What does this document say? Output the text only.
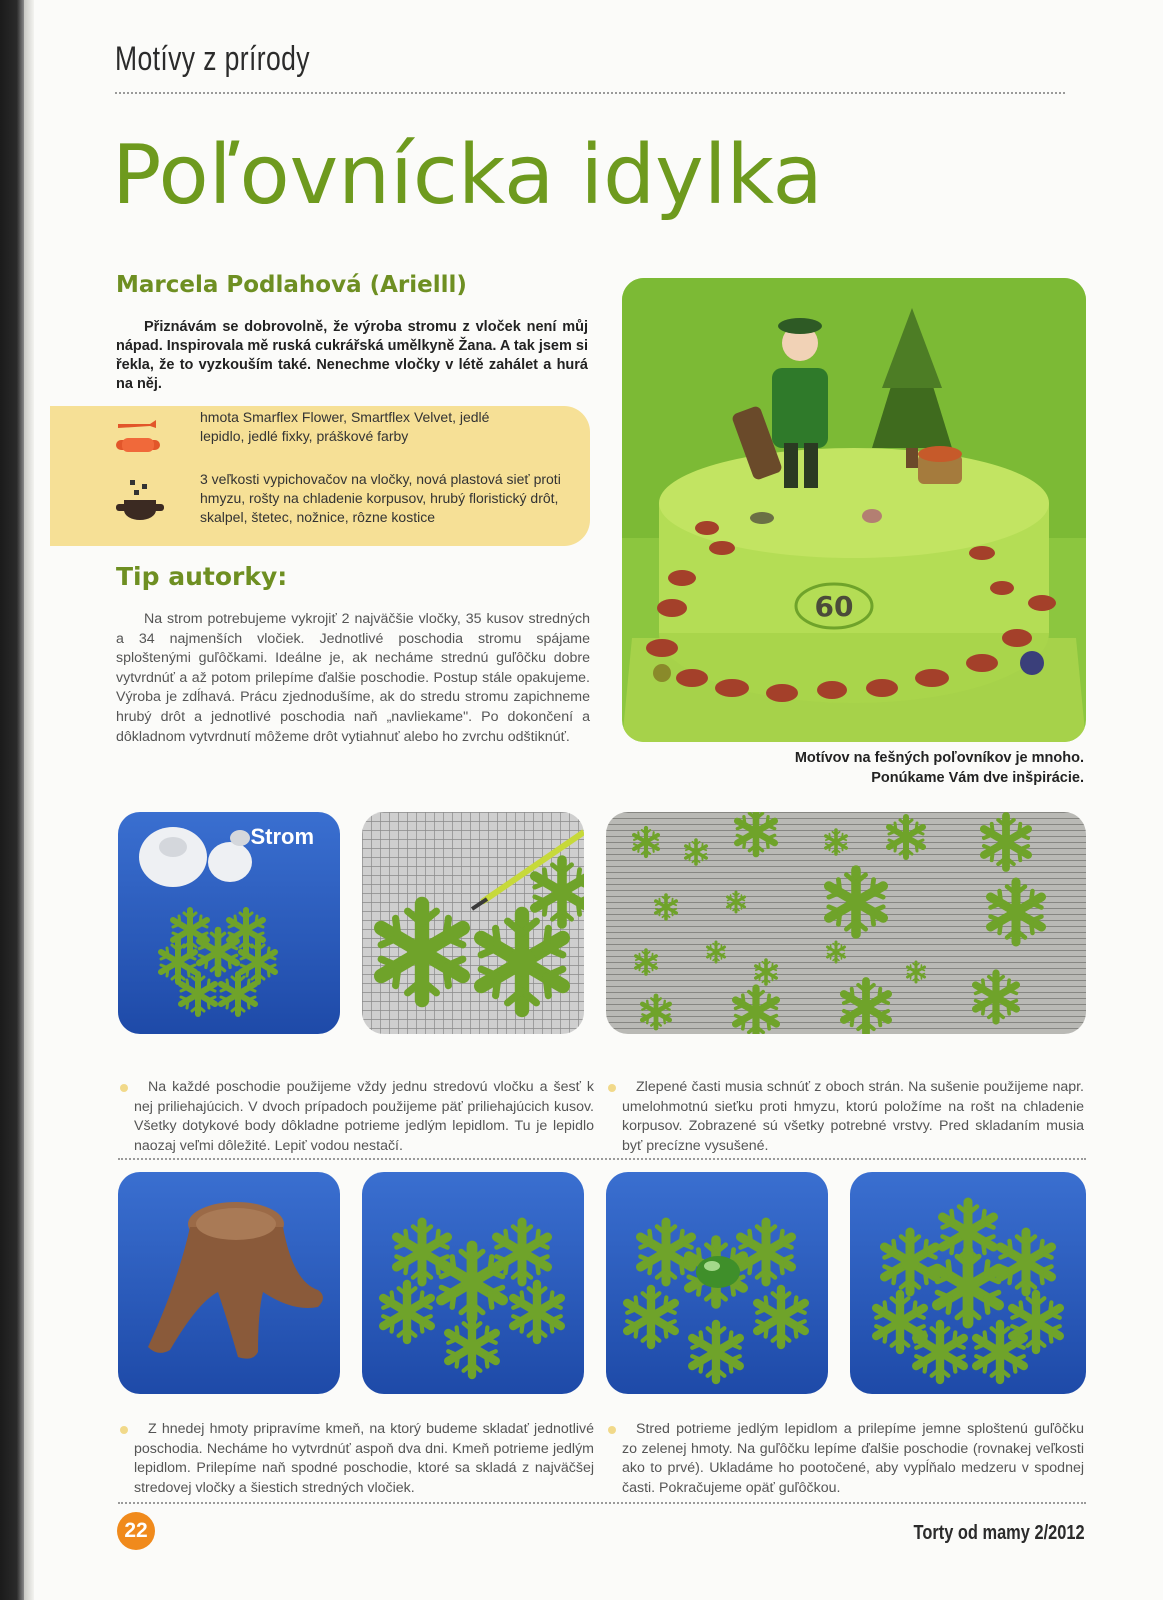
Motívy z prírody
Poľovnícka idylka
Marcela Podlahová (Arielll)
Přiznávám se dobrovolně, že výroba stromu z vloček není můj nápad. Inspirovala mě ruská cukrářská umělkyně Žana. A tak jsem si řekla, že to vyzkouším také. Nenechme vločky v létě zahálet a hurá na něj.
hmota Smarflex Flower, Smartflex Velvet, jedlé lepidlo, jedlé fixky, práškové farby
3 veľkosti vypichovačov na vločky, nová plastová sieť proti hmyzu, rošty na chladenie korpusov, hrubý floristický drôt, skalpel, štetec, nožnice, rôzne kostice
Tip autorky:
Na strom potrebujeme vykrojiť 2 najväčšie vločky, 35 kusov stredných a 34 najmenších vločiek. Jednotlivé poschodia stromu spájame sploštenými guľôčkami. Ideálne je, ak necháme strednú guľôčku dobre vytvrdnúť a až potom prilepíme ďalšie poschodie. Postup stále opakujeme. Výroba je zdĺhavá. Prácu zjednodušíme, ak do stredu stromu zapichneme hrubý drôt a jednotlivé poschodia naň „navliekame". Po dokončení a dôkladnom vytvrdnutí môžeme drôt vytiahnuť alebo ho zvrchu odštiknúť.
60
Motívov na fešných poľovníkov je mnoho.
Ponúkame Vám dve inšpirácie.
Strom
Na každé poschodie použijeme vždy jednu stredovú vločku a šesť k nej priliehajúcich. V dvoch prípadoch použijeme päť priliehajúcich kusov. Všetky dotykové body dôkladne potrieme jedlým lepidlom. Tu je lepidlo naozaj veľmi dôležité. Lepiť vodou nestačí.
Zlepené časti musia schnúť z oboch strán. Na sušenie použijeme napr. umelohmotnú sieťku proti hmyzu, ktorú položíme na rošt na chladenie korpusov. Zobrazené sú všetky potrebné vrstvy. Pred skladaním musia byť precízne vysušené.
Z hnedej hmoty pripravíme kmeň, na ktorý budeme skladať jednotlivé poschodia. Necháme ho vytvrdnúť aspoň dva dni. Kmeň potrieme jedlým lepidlom. Prilepíme naň spodné poschodie, ktoré sa skladá z najväčšej stredovej vločky a šiestich stredných vločiek.
Stred potrieme jedlým lepidlom a prilepíme jemne sploštenú guľôčku zo zelenej hmoty. Na guľôčku lepíme ďalšie poschodie (rovnakej veľkosti ako to prvé). Ukladáme ho pootočené, aby vypĺňalo medzeru v spodnej časti. Pokračujeme opäť guľôčkou.
22	Torty od mamy 2/2012
